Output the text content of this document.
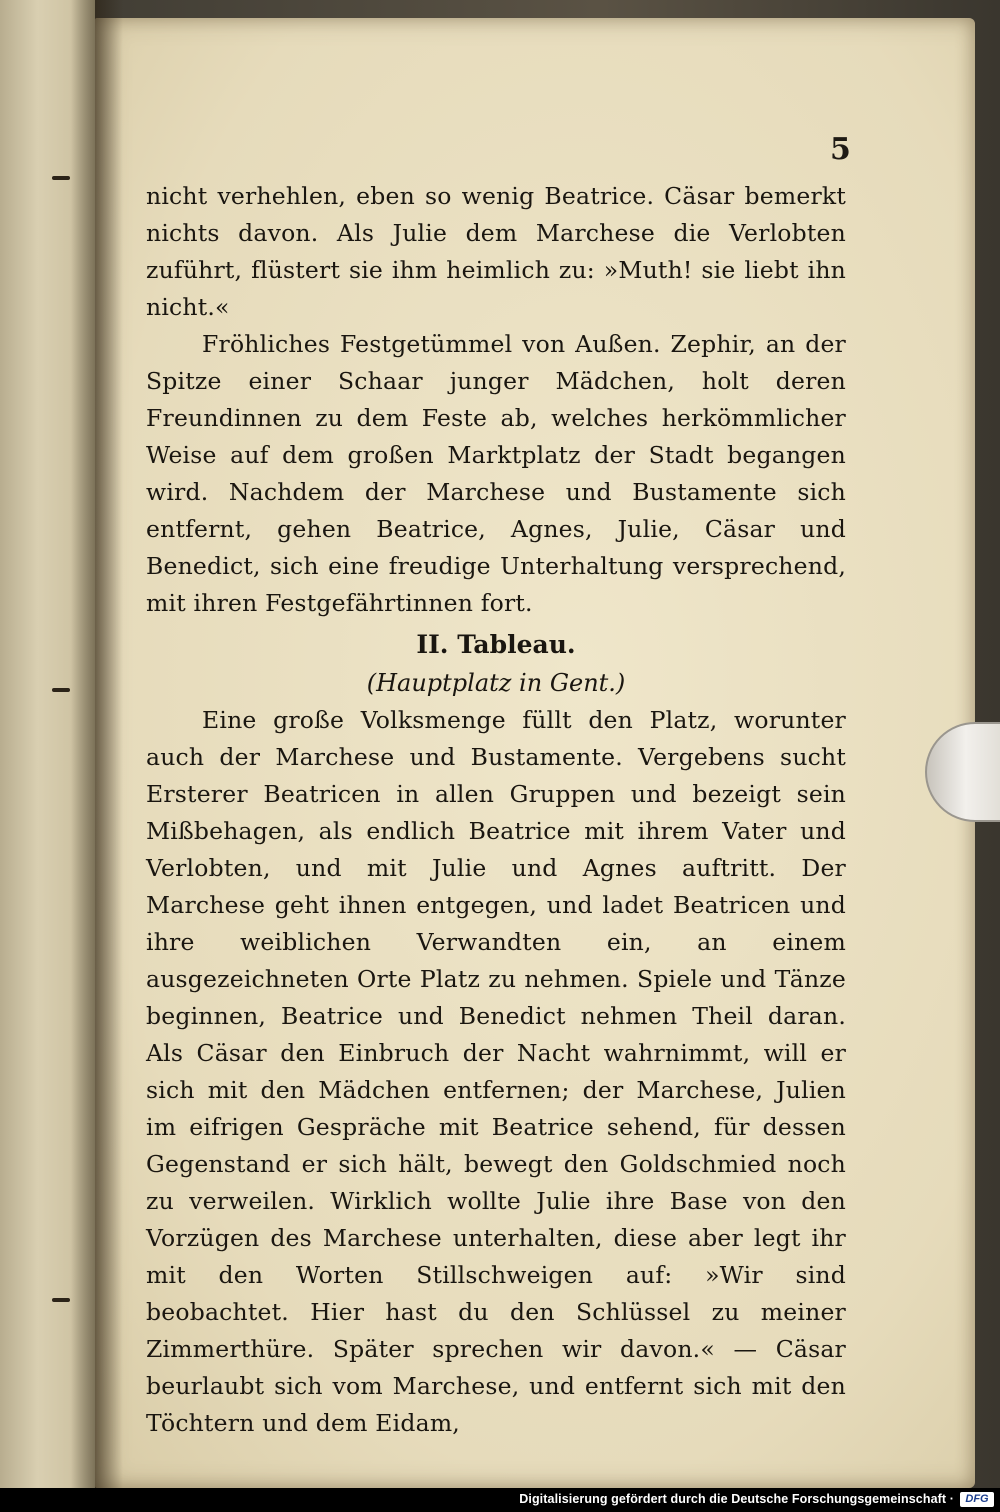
5

nicht verhehlen, eben so wenig Beatrice. Cäsar bemerkt nichts davon. Als Julie dem Marchese die Verlobten zuführt, flüstert sie ihm heimlich zu: »Muth! sie liebt ihn nicht.«

Fröhliches Festgetümmel von Außen. Zephir, an der Spitze einer Schaar junger Mädchen, holt deren Freundinnen zu dem Feste ab, welches herkömmlicher Weise auf dem großen Marktplatz der Stadt begangen wird. Nachdem der Marchese und Bustamente sich entfernt, gehen Beatrice, Agnes, Julie, Cäsar und Benedict, sich eine freudige Unterhaltung versprechend, mit ihren Festgefährtinnen fort.

II. Tableau.

(Hauptplatz in Gent.)

Eine große Volksmenge füllt den Platz, worunter auch der Marchese und Bustamente. Vergebens sucht Ersterer Beatricen in allen Gruppen und bezeigt sein Mißbehagen, als endlich Beatrice mit ihrem Vater und Verlobten, und mit Julie und Agnes auftritt. Der Marchese geht ihnen entgegen, und ladet Beatricen und ihre weiblichen Verwandten ein, an einem ausgezeichneten Orte Platz zu nehmen. Spiele und Tänze beginnen, Beatrice und Benedict nehmen Theil daran. Als Cäsar den Einbruch der Nacht wahrnimmt, will er sich mit den Mädchen entfernen; der Marchese, Julien im eifrigen Gespräche mit Beatrice sehend, für dessen Gegenstand er sich hält, bewegt den Goldschmied noch zu verweilen. Wirklich wollte Julie ihre Base von den Vorzügen des Marchese unterhalten, diese aber legt ihr mit den Worten Stillschweigen auf: »Wir sind beobachtet. Hier hast du den Schlüssel zu meiner Zimmerthüre. Später sprechen wir davon.« — Cäsar beurlaubt sich vom Marchese, und entfernt sich mit den Töchtern und dem Eidam,

Digitalisierung gefördert durch die Deutsche Forschungsgemeinschaft ·	DFG
